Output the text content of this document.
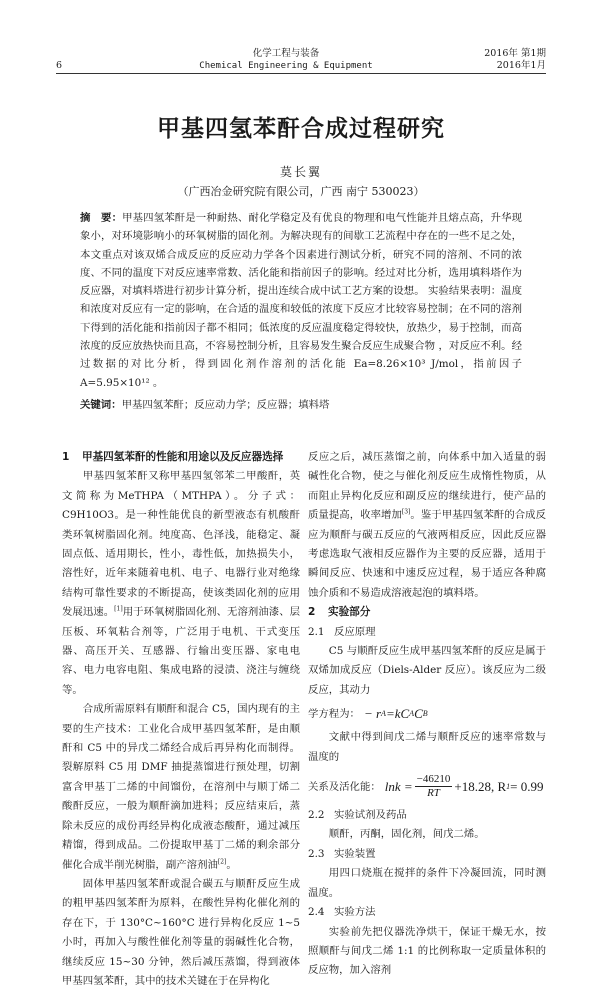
6
化学工程与装备
Chemical Engineering & Equipment
2016年 第1期
2016年1月
甲基四氢苯酐合成过程研究
莫长翼
（广西冶金研究院有限公司，广西 南宁 530023）
摘　要：甲基四氢苯酐是一种耐热、耐化学稳定及有优良的物理和电气性能并且熔点高，升华现象小，对环境影响小的环氧树脂的固化剂。为解决现有的间歇工艺流程中存在的一些不足之处，本文重点对该双烯合成反应的反应动力学各个因素进行测试分析，研究不同的溶剂、不同的浓度、不同的温度下对反应速率常数、活化能和指前因子的影响。经过对比分析，选用填料塔作为反应器，对填料塔进行初步计算分析，提出连续合成中试工艺方案的设想。 实验结果表明：温度和浓度对反应有一定的影响，在合适的温度和较低的浓度下反应才比较容易控制；在不同的溶剂下得到的活化能和指前因子都不相同；低浓度的反应温度稳定得较快，放热少，易于控制，而高浓度的反应放热快而且高，不容易控制分析，且容易发生聚合反应生成聚合物 ，对反应不利。经过数据的对比分析，得到固化剂作溶剂的活化能 Ea=8.26×10³ J/mol，指前因子 A=5.95×10¹² 。
关键词：甲基四氢苯酐；反应动力学；反应器；填料塔
1 甲基四氢苯酐的性能和用途以及反应器选择

甲基四氢苯酐又称甲基四氢邻苯二甲酸酐，英文简称为MeTHPA（MTHPA）。分子式：C9H10O3。是一种性能优良的新型液态有机酸酐类环氧树脂固化剂。纯度高、色泽浅，能稳定、凝固点低、适用期长，性小，毒性低，加热损失小，溶性好，近年来随着电机、电子、电器行业对绝缘结构可靠性要求的不断提高，使该类固化剂的应用发展迅速。[1]用于环氧树脂固化剂、无溶剂油漆、层压板、环氧粘合剂等，广泛用于电机、干式变压器、高压开关、互感器、行输出变压器、家电电容、电力电容电阻、集成电路的浸渍、浇注与缠绕等。

合成所需原料有顺酐和混合 C5，国内现有的主要的生产技术：工业化合成甲基四氢苯酐，是由顺酐和 C5 中的异戊二烯经合成后再异构化而制得。裂解原料 C5 用 DMF 抽提蒸馏进行预处理，切割富含甲基丁二烯的中间馏份，在溶剂中与顺丁烯二酸酐反应，一般为顺酐滴加进料；反应结束后，蒸除未反应的成份再经异构化成液态酸酐，通过减压精馏，得到成品。二份提取甲基丁二烯的剩余部分催化合成半削光树脂，副产溶剂油[2]。

固体甲基四氢苯酐或混合碳五与顺酐反应生成的粗甲基四氢苯酐为原料，在酸性异构化催化剂的存在下，于 130°C~160°C 进行异构化反应 1~5 小时，再加入与酸性催化剂等量的弱碱性化合物，继续反应 15~30 分钟，然后减压蒸馏，得到液体甲基四氢苯酐，其中的技术关键在于在异构化

反应之后，减压蒸馏之前，向体系中加入适量的弱碱性化合物，使之与催化剂反应生成惰性物质，从而阻止异构化反应和副反应的继续进行，使产品的质量提高，收率增加[3]。鉴于甲基四氢苯酐的合成反应为顺酐与碳五反应的气液两相反应，因此反应器考虑选取气液相反应器作为主要的反应器，适用于瞬间反应、快速和中速反应过程，易于适应各种腐蚀介质和不易造成溶液起泡的填料塔。

2 实验部分
2.1 反应原理

C5 与顺酐反应生成甲基四氢苯酐的反应是属于双烯加成反应（Diels-Alder 反应）。该反应为二级反应，其动力

学方程为： − r A = kC A C B

文献中得到间戊二烯与顺酐反应的速率常数与温度的

关系及活化能： $\ln k = \frac{-46210}{RT} +18.28$, R 1 = 0.99
2.2 实验试剂及药品

顺酐，丙酮，固化剂，间戊二烯。

2.3 实验装置

用四口烧瓶在搅拌的条件下冷凝回流，同时测温度。

2.4 实验方法

实验前先把仪器洗净烘干，保证干燥无水，按照顺酐与间戊二烯 1:1 的比例称取一定质量体积的反应物，加入溶剂
